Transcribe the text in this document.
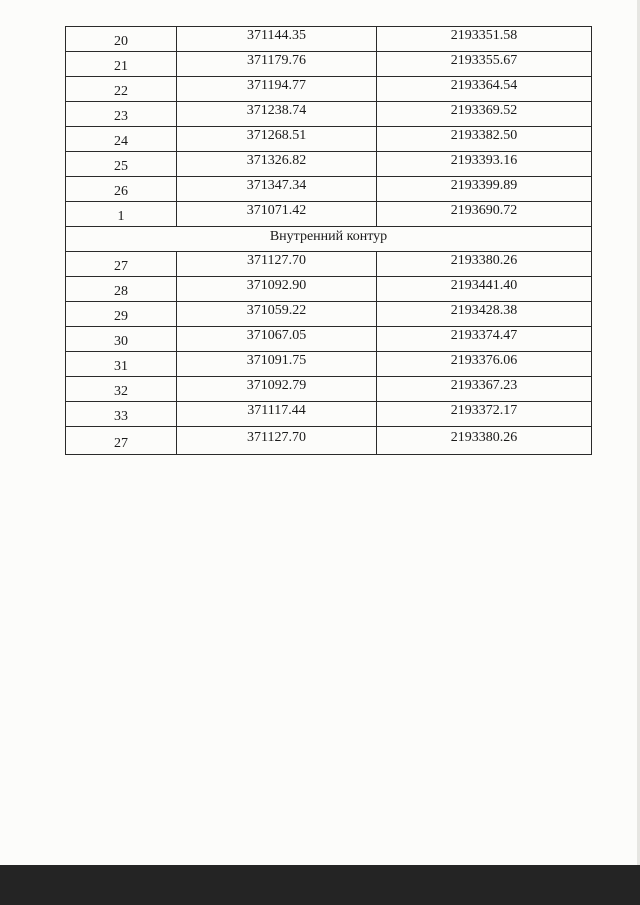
20	371144.35	2193351.58
21	371179.76	2193355.67
22	371194.77	2193364.54
23	371238.74	2193369.52
24	371268.51	2193382.50
25	371326.82	2193393.16
26	371347.34	2193399.89
1	371071.42	2193690.72
Внутренний контур		
27	371127.70	2193380.26
28	371092.90	2193441.40
29	371059.22	2193428.38
30	371067.05	2193374.47
31	371091.75	2193376.06
32	371092.79	2193367.23
33	371117.44	2193372.17
27	371127.70	2193380.26
